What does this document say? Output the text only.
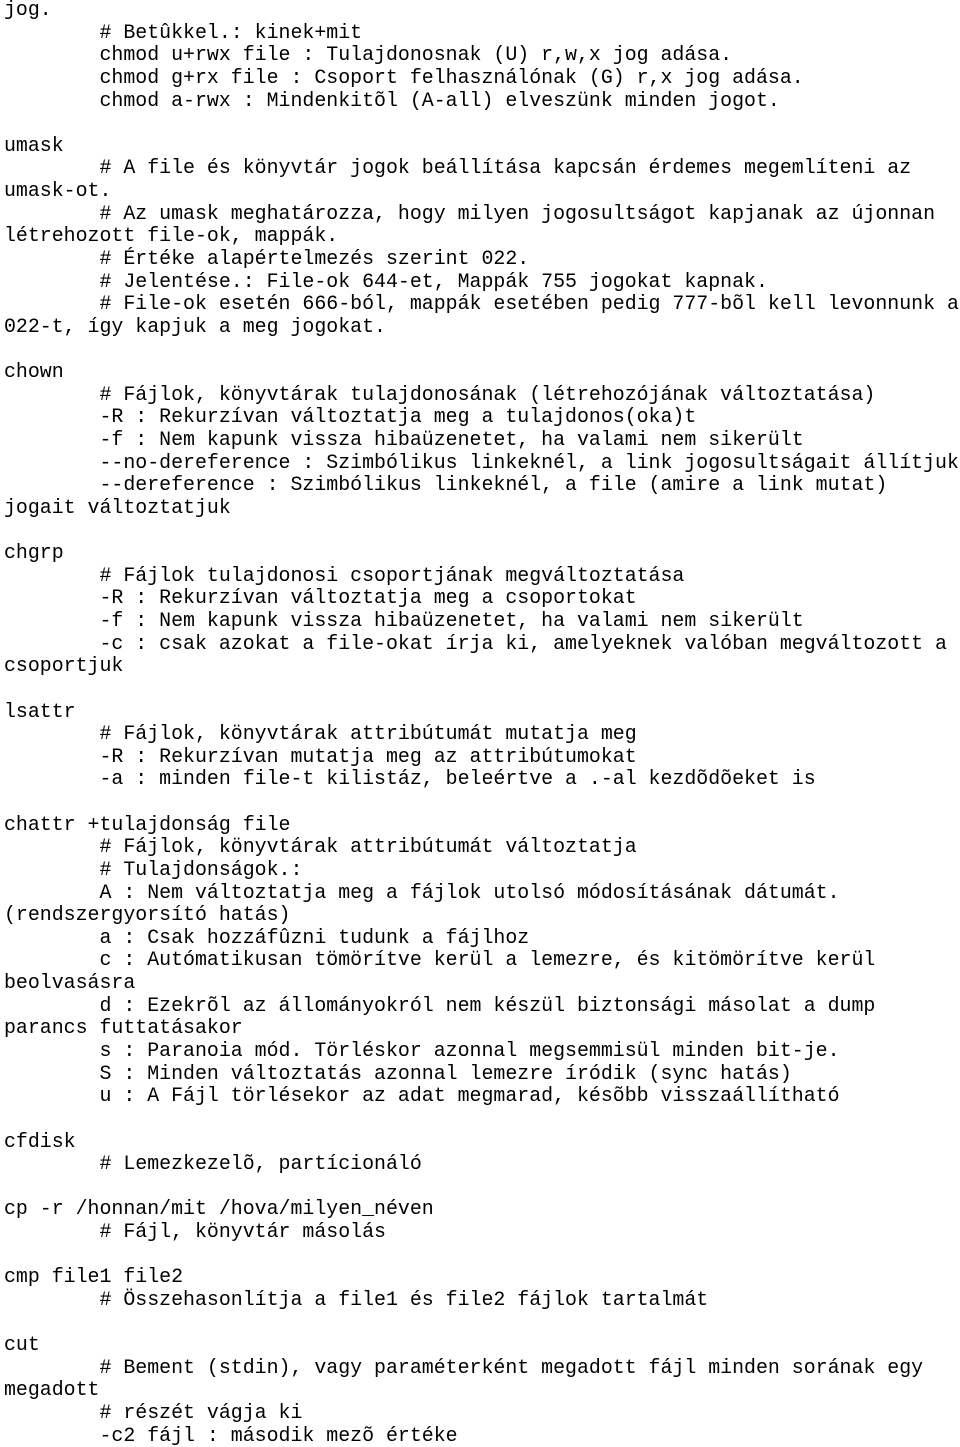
jog.
# Betûkkel.: kinek+mit
chmod u+rwx file : Tulajdonosnak (U) r,w,x jog adása.
chmod g+rx file : Csoport felhasználónak (G) r,x jog adása.
chmod a-rwx : Mindenkitõl (A-all) elveszünk minden jogot.
umask
# A file és könyvtár jogok beállítása kapcsán érdemes megemlíteni az
umask-ot.
# Az umask meghatározza, hogy milyen jogosultságot kapjanak az újonnan
létrehozott file-ok, mappák.
# Értéke alapértelmezés szerint 022.
# Jelentése.: File-ok 644-et, Mappák 755 jogokat kapnak.
# File-ok esetén 666-ból, mappák esetében pedig 777-bõl kell levonnunk a
022-t, így kapjuk a meg jogokat.
chown
# Fájlok, könyvtárak tulajdonosának (létrehozójának változtatása)
-R : Rekurzívan változtatja meg a tulajdonos(oka)t
-f : Nem kapunk vissza hibaüzenetet, ha valami nem sikerült
--no-dereference : Szimbólikus linkeknél, a link jogosultságait állítjuk
--dereference : Szimbólikus linkeknél, a file (amire a link mutat)
jogait változtatjuk
chgrp
# Fájlok tulajdonosi csoportjának megváltoztatása
-R : Rekurzívan változtatja meg a csoportokat
-f : Nem kapunk vissza hibaüzenetet, ha valami nem sikerült
-c : csak azokat a file-okat írja ki, amelyeknek valóban megváltozott a
csoportjuk
lsattr
# Fájlok, könyvtárak attribútumát mutatja meg
-R : Rekurzívan mutatja meg az attribútumokat
-a : minden file-t kilistáz, beleértve a .-al kezdõdõeket is
chattr +tulajdonság file
# Fájlok, könyvtárak attribútumát változtatja
# Tulajdonságok.:
A : Nem változtatja meg a fájlok utolsó módosításának dátumát.
(rendszergyorsító hatás)
a : Csak hozzáfûzni tudunk a fájlhoz
c : Autómatikusan tömörítve kerül a lemezre, és kitömörítve kerül
beolvasásra
d : Ezekrõl az állományokról nem készül biztonsági másolat a dump
parancs futtatásakor
s : Paranoia mód. Törléskor azonnal megsemmisül minden bit-je.
S : Minden változtatás azonnal lemezre íródik (sync hatás)
u : A Fájl törlésekor az adat megmarad, késõbb visszaállítható
cfdisk
# Lemezkezelõ, partícionáló
cp -r /honnan/mit /hova/milyen_néven
# Fájl, könyvtár másolás
cmp file1 file2
# Összehasonlítja a file1 és file2 fájlok tartalmát
cut
# Bement (stdin), vagy paraméterként megadott fájl minden sorának egy
megadott
# részét vágja ki
-c2 fájl : második mezõ értéke
